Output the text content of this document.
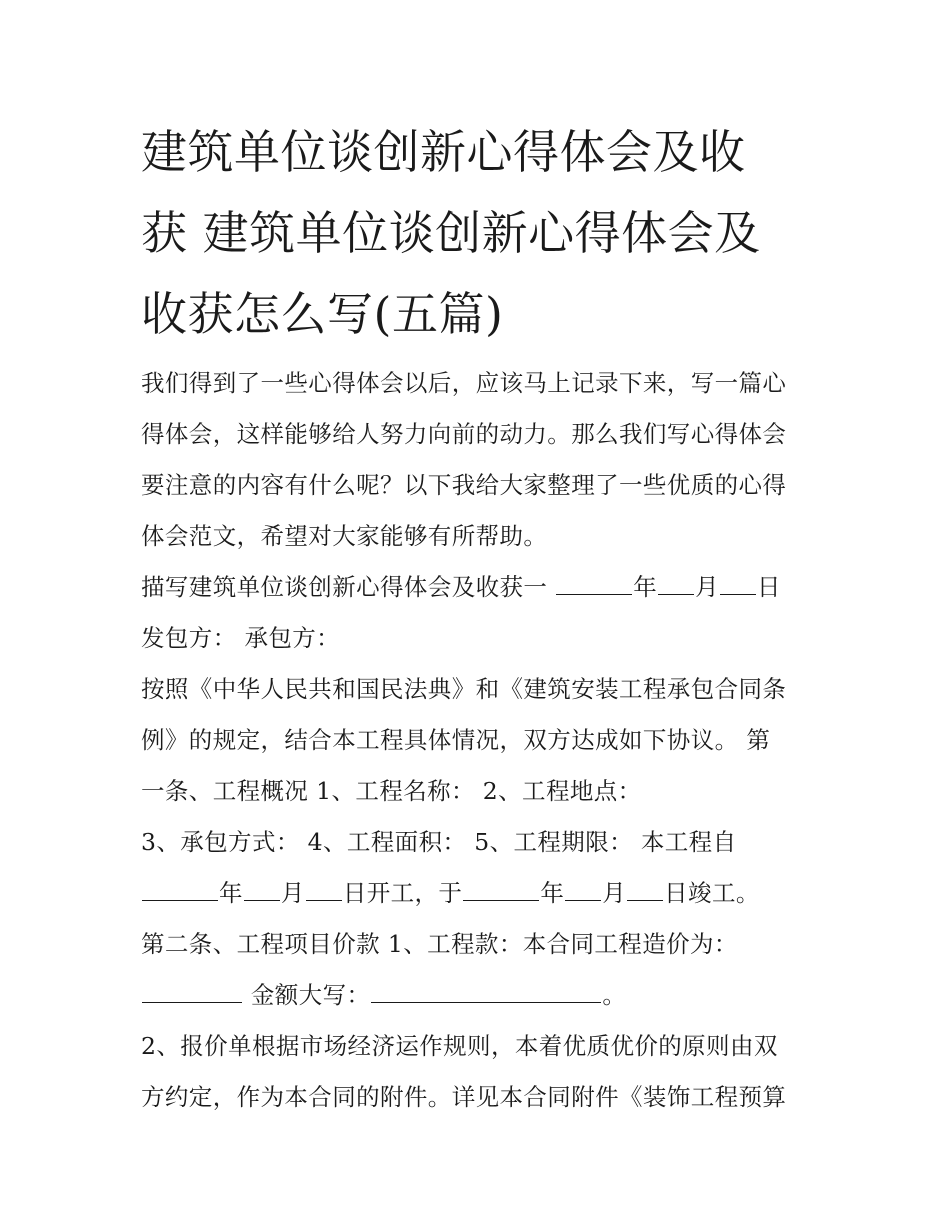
建筑单位谈创新心得体会及收
获 建筑单位谈创新心得体会及
收获怎么写(五篇)
我们得到了一些心得体会以后，应该马上记录下来，写一篇心
得体会，这样能够给人努力向前的动力。那么我们写心得体会
要注意的内容有什么呢？以下我给大家整理了一些优质的心得
体会范文，希望对大家能够有所帮助。
描写建筑单位谈创新心得体会及收获一	年 月 日
发包方： 承包方：
按照《中华人民共和国民法典》和《建筑安装工程承包合同条
例》的规定，结合本工程具体情况，双方达成如下协议。 第
一条、工程概况 1、工程名称： 2、工程地点：
3、承包方式： 4、工程面积： 5、工程期限： 本工程自
年 月 日开工，于	年 月 日竣工。
第二条、工程项目价款 1、工程款：本合同工程造价为：
金额大写：	。
2、报价单根据市场经济运作规则，本着优质优价的原则由双
方约定，作为本合同的附件。详见本合同附件《装饰工程预算
